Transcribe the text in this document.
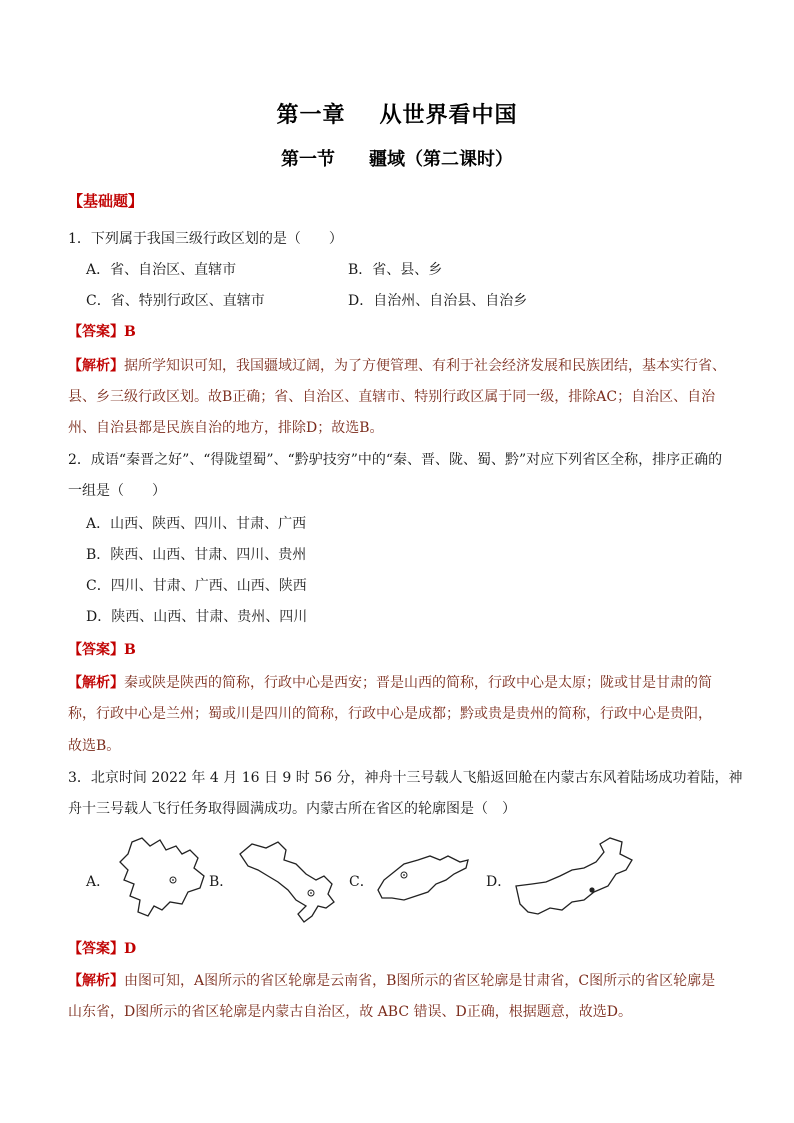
第一章 从世界看中国
第一节 疆域（第二课时）
【基础题】
1．下列属于我国三级行政区划的是（　　）
A．省、自治区、直辖市	B．省、县、乡
C．省、特别行政区、直辖市	D．自治州、自治县、自治乡
【答案】B
【解析】据所学知识可知，我国疆域辽阔，为了方便管理、有利于社会经济发展和民族团结，基本实行省、
县、乡三级行政区划。故B正确；省、自治区、直辖市、特别行政区属于同一级，排除AC；自治区、自治
州、自治县都是民族自治的地方，排除D；故选B。
2．成语“秦晋之好”、“得陇望蜀”、“黔驴技穷”中的“秦、晋、陇、蜀、黔”对应下列省区全称，排序正确的
一组是（　　）
A．山西、陕西、四川、甘肃、广西
B．陕西、山西、甘肃、四川、贵州
C．四川、甘肃、广西、山西、陕西
D．陕西、山西、甘肃、贵州、四川
【答案】B
【解析】秦或陕是陕西的简称，行政中心是西安；晋是山西的简称，行政中心是太原；陇或甘是甘肃的简
称，行政中心是兰州；蜀或川是四川的简称，行政中心是成都；黔或贵是贵州的简称，行政中心是贵阳，
故选B。
3．北京时间 2022 年 4 月 16 日 9 时 56 分，神舟十三号载人飞船返回舱在内蒙古东风着陆场成功着陆，神
舟十三号载人飞行任务取得圆满成功。内蒙古所在省区的轮廓图是（　）
A．	B．	C．	D．
【答案】D
【解析】由图可知，A图所示的省区轮廓是云南省，B图所示的省区轮廓是甘肃省，C图所示的省区轮廓是
山东省，D图所示的省区轮廓是内蒙古自治区，故 ABC 错误、D正确，根据题意，故选D。
